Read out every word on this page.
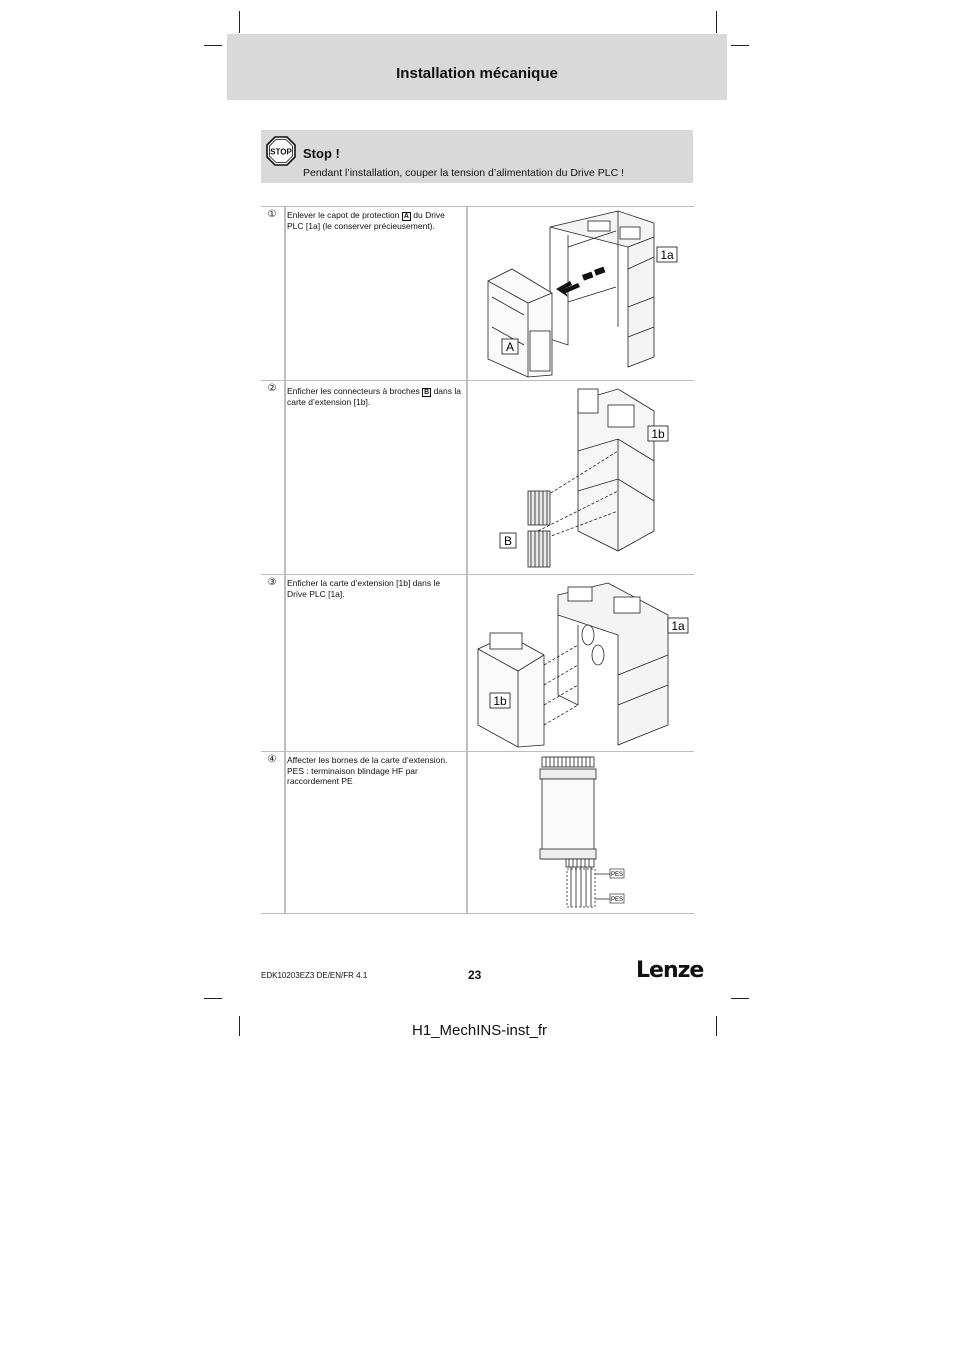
Installation mécanique
STOP Stop !
Pendant l’installation, couper la tension d’alimentation du Drive PLC !
①	Enlever le capot de protection A du Drive PLC [1a] (le conserver précieusement).
1a
A
②	Enficher les connecteurs à broches B dans la carte d’extension [1b].
1b
B
③	Enficher la carte d’extension [1b] dans le Drive PLC [1a].
1a
1b
④	Affecter les bornes de la carte d’extension.

PES : terminaison blindage HF par raccordement PE

PES
PES
EDK10203EZ3 DE/EN/FR 4.1	23	Lenze
H1_MechINS-inst_fr
